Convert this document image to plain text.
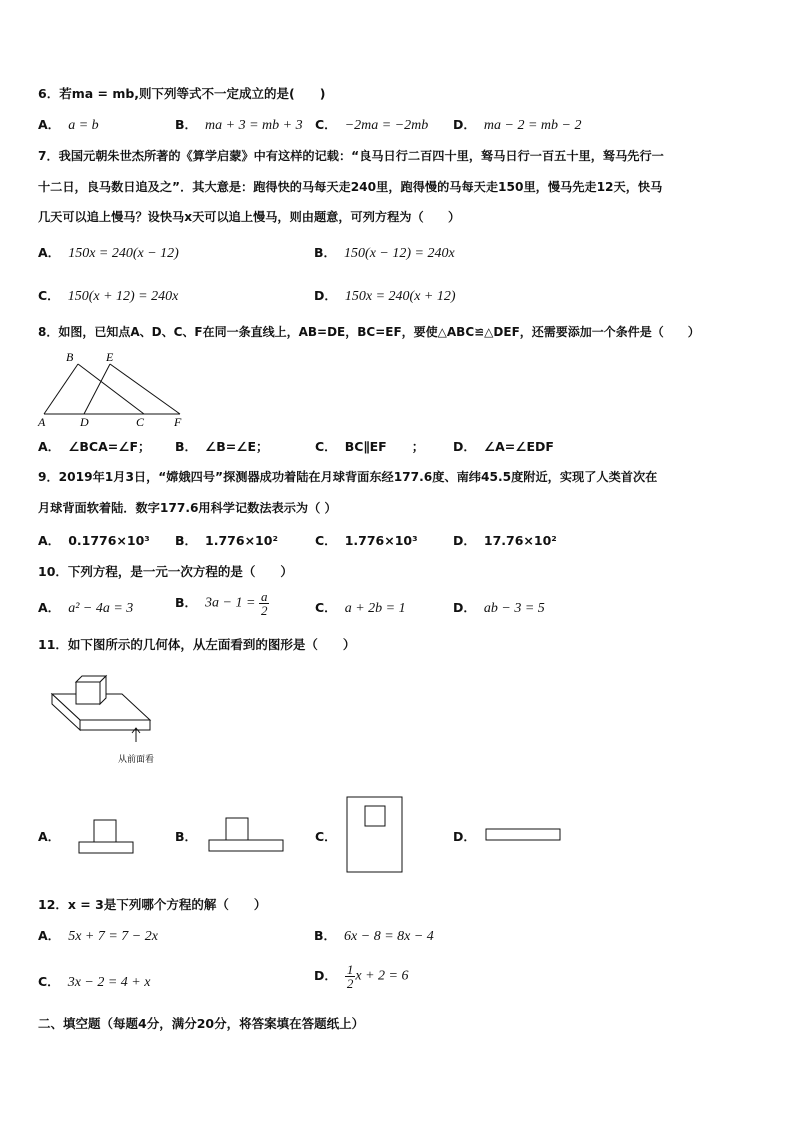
6．若ma = mb,则下列等式不一定成立的是(　　)
A． a = b	B． ma + 3 = mb + 3 C． −2ma = −2mb D． ma − 2 = mb − 2
7．我国元朝朱世杰所著的《算学启蒙》中有这样的记载：“良马日行二百四十里，驽马日行一百五十里，驽马先行一
十二日，良马数日追及之”．其大意是：跑得快的马每天走240里，跑得慢的马每天走150里，慢马先走12天，快马
几天可以追上慢马？设快马x天可以追上慢马，则由题意，可列方程为（　　）
A． 150x = 240(x − 12)	B． 150(x − 12) = 240x
C． 150(x + 12) = 240x	D． 150x = 240(x + 12)
8．如图，已知点A、D、C、F在同一条直线上，AB=DE，BC=EF，要使△ABC≌△DEF，还需要添加一个条件是（　　）
B	E
A	D	C F
A． ∠BCA=∠F； B． ∠B=∠E；	C． BC∥EF　　； D． ∠A=∠EDF
9．2019年1月3日，“嫦娥四号”探测器成功着陆在月球背面东经177.6度、南纬45.5度附近，实现了人类首次在
月球背面软着陆．数字177.6用科学记数法表示为（ ）
A． 0.1776×10³ B． 1.776×10²	C． 1.776×10³	D． 17.76×10²
10．下列方程，是一元一次方程的是（　　）
A． a² − 4a = 3	B． $3a - 1 = \frac{a}{2}$	C． a + 2b = 1	D． ab − 3 = 5
11．如下图所示的几何体，从左面看到的图形是（　　）
从前面看
A．	B．	C．	D．
12．x = 3是下列哪个方程的解（　　）
A． 5x + 7 = 7 − 2x	B． 6x − 8 = 8x − 4
C． 3x − 2 = 4 + x	D． $\frac{1}{2}$ x + 2 = 6
二、填空题（每题4分，满分20分，将答案填在答题纸上）
